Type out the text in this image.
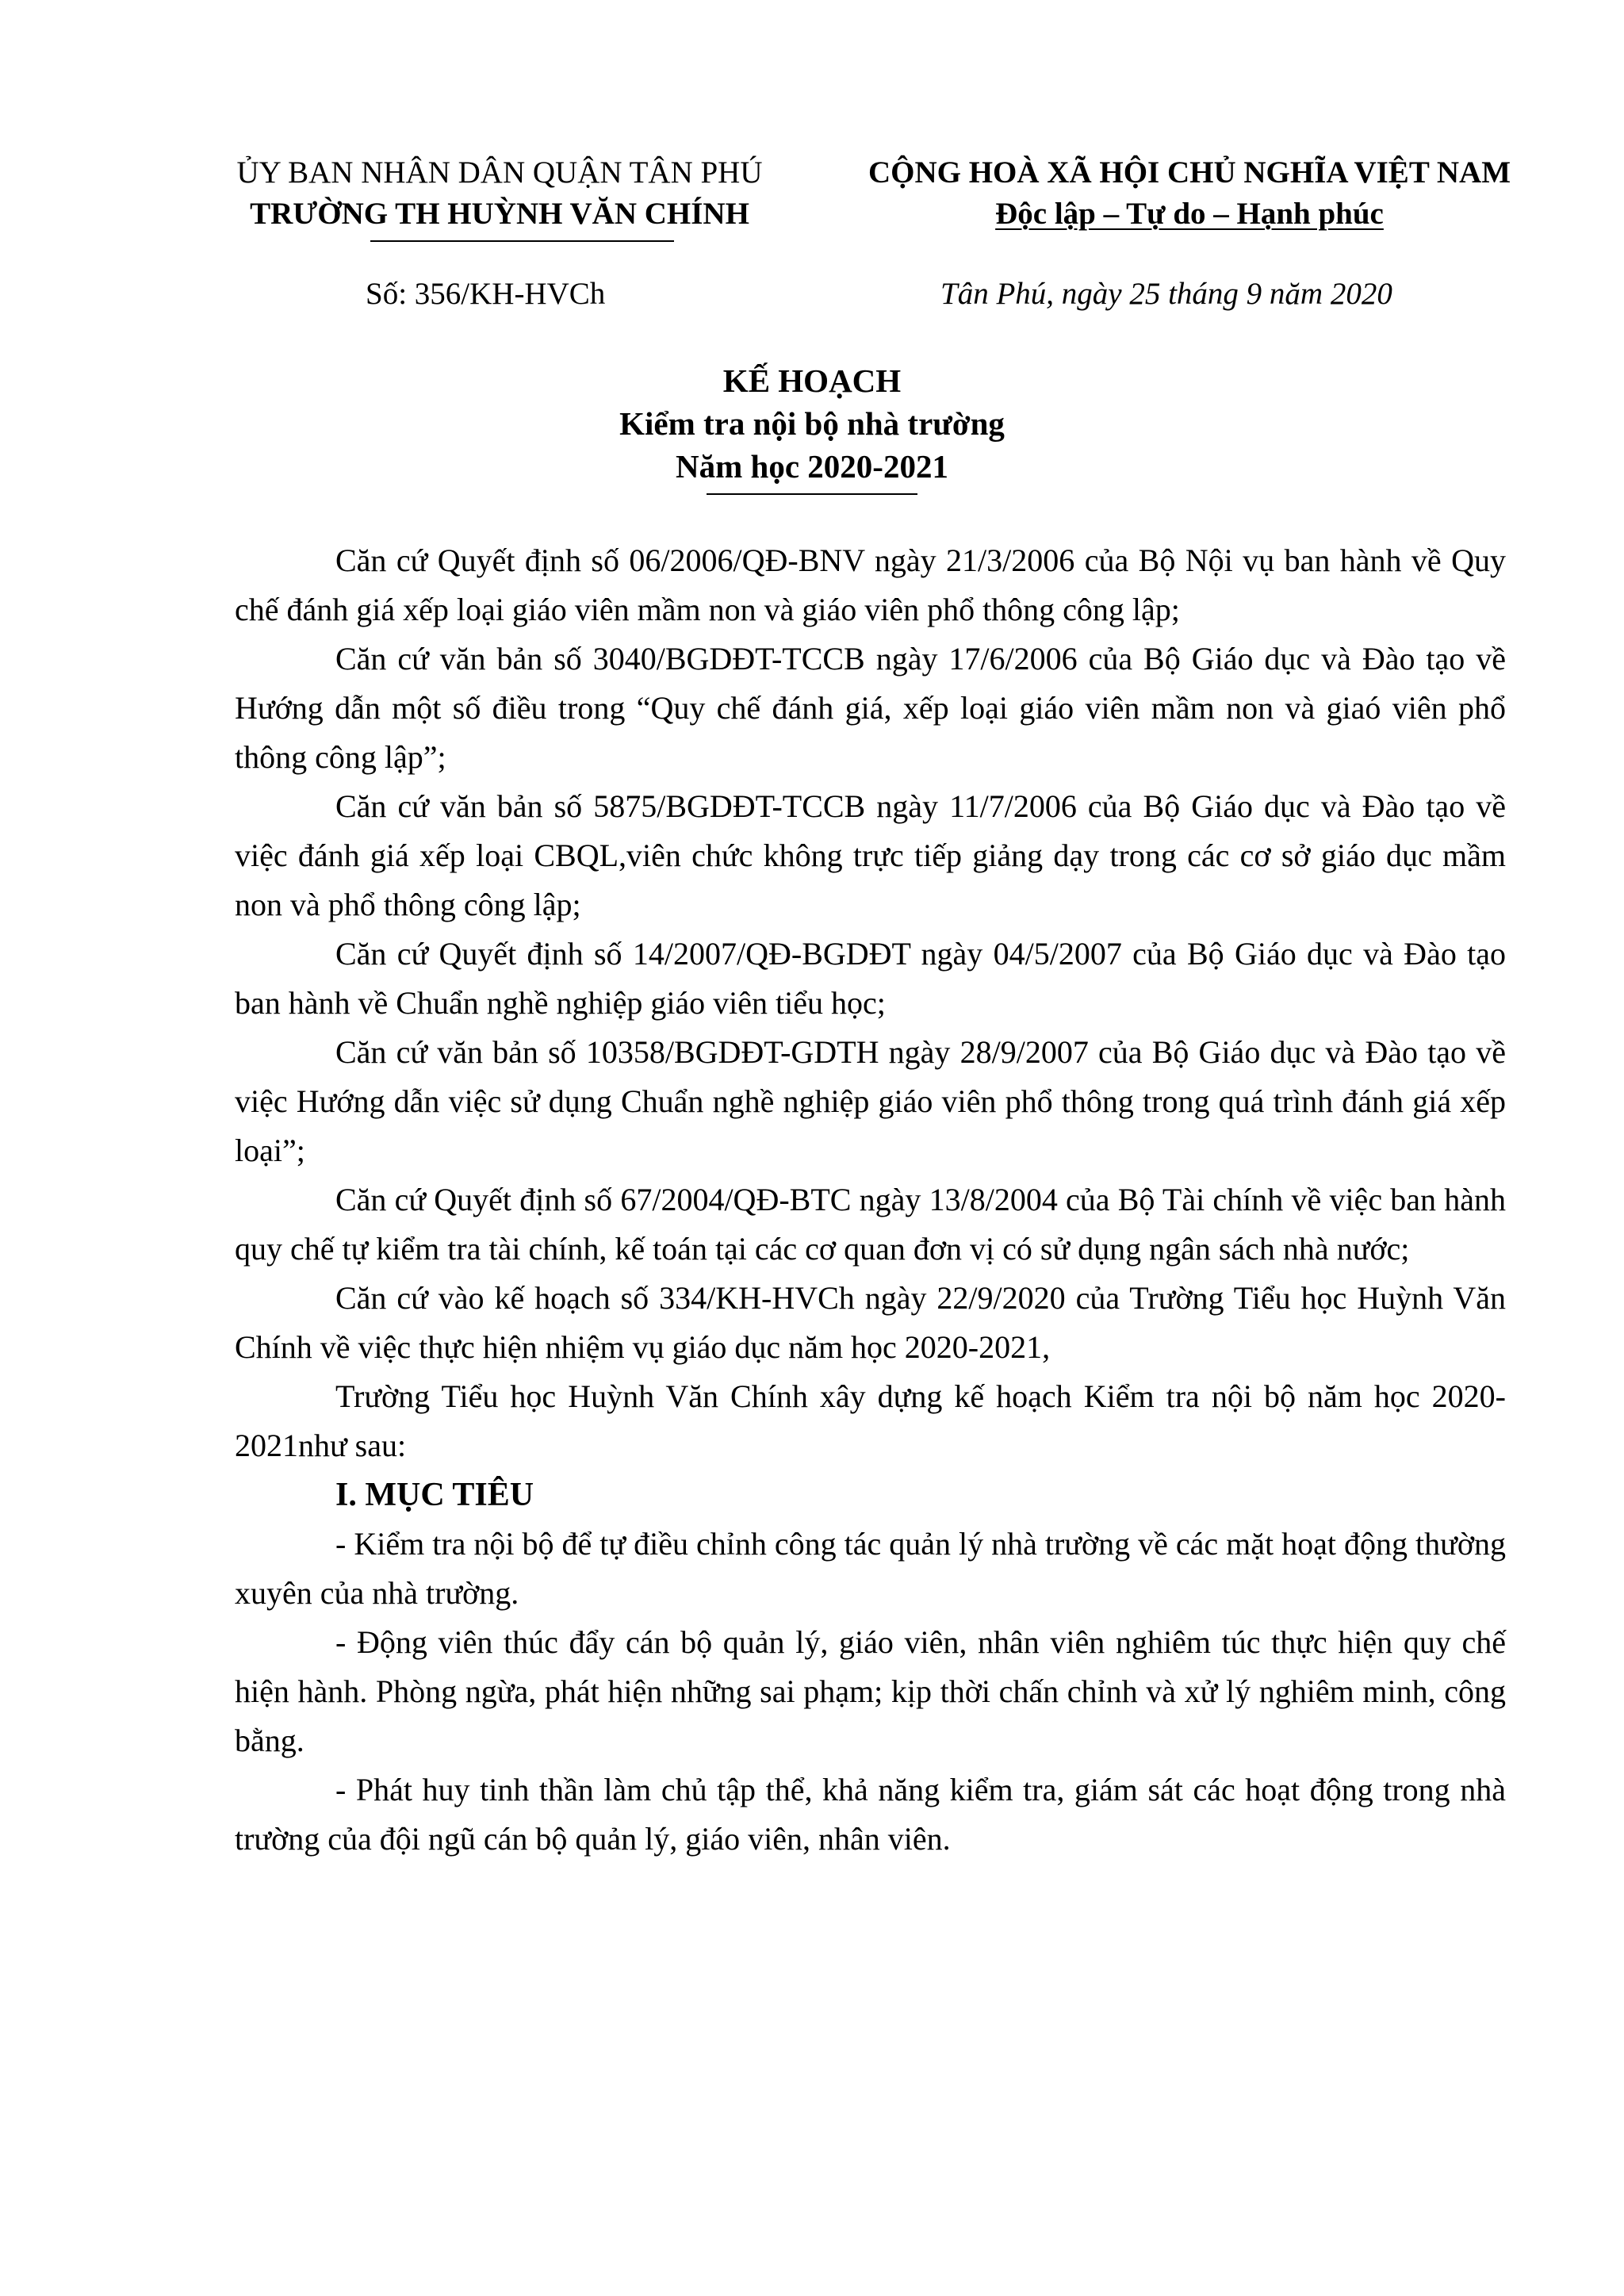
ỦY BAN NHÂN DÂN QUẬN TÂN PHÚ
TRƯỜNG TH HUỲNH VĂN CHÍNH
CỘNG HOÀ XÃ HỘI CHỦ NGHĨA VIỆT NAM
Độc lập – Tự do – Hạnh phúc
Số: 356/KH-HVCh	Tân Phú, ngày 25 tháng 9 năm 2020
KẾ HOẠCH
Kiểm tra nội bộ nhà trường
Năm học 2020-2021

Căn cứ Quyết định số 06/2006/QĐ-BNV ngày 21/3/2006 của Bộ Nội vụ ban hành về Quy chế đánh giá xếp loại giáo viên mầm non và giáo viên phổ thông công lập;

Căn cứ văn bản số 3040/BGDĐT-TCCB ngày 17/6/2006 của Bộ Giáo dục và Đào tạo về Hướng dẫn một số điều trong “Quy chế đánh giá, xếp loại giáo viên mầm non và giaó viên phổ thông công lập”;

Căn cứ văn bản số 5875/BGDĐT-TCCB ngày 11/7/2006 của Bộ Giáo dục và Đào tạo về việc đánh giá xếp loại CBQL,viên chức không trực tiếp giảng dạy trong các cơ sở giáo dục mầm non và phổ thông công lập;

Căn cứ Quyết định số 14/2007/QĐ-BGDĐT ngày 04/5/2007 của Bộ Giáo dục và Đào tạo ban hành về Chuẩn nghề nghiệp giáo viên tiểu học;

Căn cứ văn bản số 10358/BGDĐT-GDTH ngày 28/9/2007 của Bộ Giáo dục và Đào tạo về việc Hướng dẫn việc sử dụng Chuẩn nghề nghiệp giáo viên phổ thông trong quá trình đánh giá xếp loại”;

Căn cứ Quyết định số 67/2004/QĐ-BTC ngày 13/8/2004 của Bộ Tài chính về việc ban hành quy chế tự kiểm tra tài chính, kế toán tại các cơ quan đơn vị có sử dụng ngân sách nhà nước;

Căn cứ vào kế hoạch số 334/KH-HVCh ngày 22/9/2020 của Trường Tiểu học Huỳnh Văn Chính về việc thực hiện nhiệm vụ giáo dục năm học 2020-2021,

Trường Tiểu học Huỳnh Văn Chính xây dựng kế hoạch Kiểm tra nội bộ năm học 2020-2021như sau:

I. MỤC TIÊU

- Kiểm tra nội bộ để tự điều chỉnh công tác quản lý nhà trường về các mặt hoạt động thường xuyên của nhà trường.

- Động viên thúc đẩy cán bộ quản lý, giáo viên, nhân viên nghiêm túc thực hiện quy chế hiện hành. Phòng ngừa, phát hiện những sai phạm; kịp thời chấn chỉnh và xử lý nghiêm minh, công bằng.

- Phát huy tinh thần làm chủ tập thể, khả năng kiểm tra, giám sát các hoạt động trong nhà trường của đội ngũ cán bộ quản lý, giáo viên, nhân viên.
